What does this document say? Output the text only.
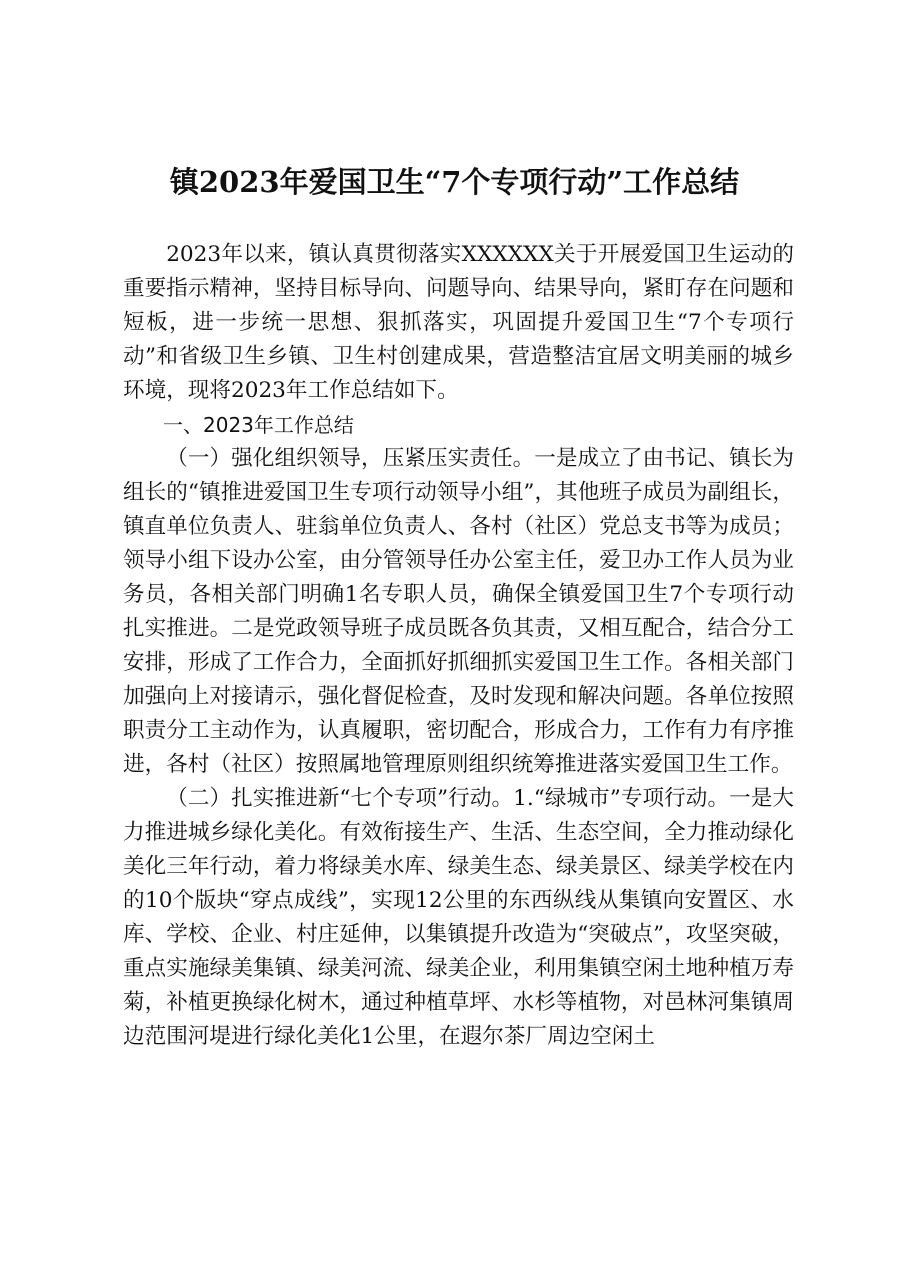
镇2023年爱国卫生“7个专项行动”工作总结

2023年以来，镇认真贯彻落实XXXXXX关于开展爱国卫生运动的重要指示精神，坚持目标导向、问题导向、结果导向，紧盯存在问题和短板，进一步统一思想、狠抓落实，巩固提升爱国卫生“7个专项行动”和省级卫生乡镇、卫生村创建成果，营造整洁宜居文明美丽的城乡环境，现将2023年工作总结如下。

一、2023年工作总结

（一）强化组织领导，压紧压实责任。一是成立了由书记、镇长为组长的“镇推进爱国卫生专项行动领导小组”，其他班子成员为副组长，镇直单位负责人、驻翁单位负责人、各村（社区）党总支书等为成员；领导小组下设办公室，由分管领导任办公室主任，爱卫办工作人员为业务员，各相关部门明确1名专职人员，确保全镇爱国卫生7个专项行动扎实推进。二是党政领导班子成员既各负其责，又相互配合，结合分工安排，形成了工作合力，全面抓好抓细抓实爱国卫生工作。各相关部门加强向上对接请示，强化督促检查，及时发现和解决问题。各单位按照职责分工主动作为，认真履职，密切配合，形成合力，工作有力有序推进，各村（社区）按照属地管理原则组织统筹推进落实爱国卫生工作。

（二）扎实推进新“七个专项”行动。1.“绿城市”专项行动。一是大力推进城乡绿化美化。有效衔接生产、生活、生态空间，全力推动绿化美化三年行动，着力将绿美水库、绿美生态、绿美景区、绿美学校在内的10个版块“穿点成线”，实现12公里的东西纵线从集镇向安置区、水库、学校、企业、村庄延伸，以集镇提升改造为“突破点”，攻坚突破，重点实施绿美集镇、绿美河流、绿美企业，利用集镇空闲土地种植万寿菊，补植更换绿化树木，通过种植草坪、水杉等植物，对邑林河集镇周边范围河堤进行绿化美化1公里，在遐尔茶厂周边空闲土
